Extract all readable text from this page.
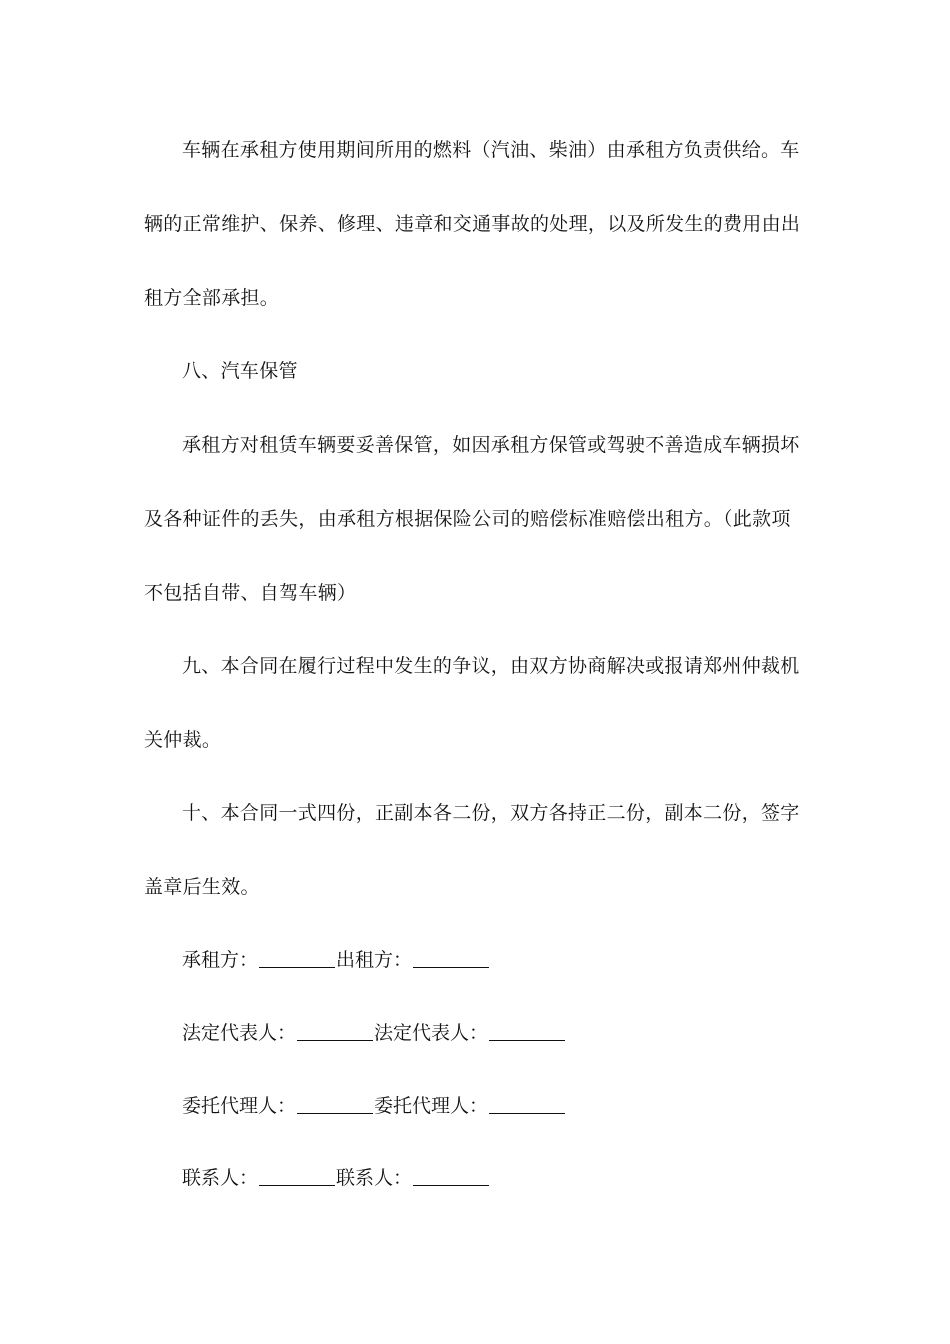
车辆在承租方使用期间所用的燃料（汽油、柴油）由承租方负责供给。车
辆的正常维护、保养、修理、违章和交通事故的处理，以及所发生的费用由出
租方全部承担。
八、汽车保管
承租方对租赁车辆要妥善保管，如因承租方保管或驾驶不善造成车辆损坏
及各种证件的丢失，由承租方根据保险公司的赔偿标准赔偿出租方。（此款项
不包括自带、自驾车辆）
九、本合同在履行过程中发生的争议，由双方协商解决或报请郑州仲裁机
关仲裁。
十、本合同一式四份，正副本各二份，双方各持正二份，副本二份，签字
盖章后生效。
承租方：	出租方：
法定代表人：	法定代表人：
委托代理人：	委托代理人：
联系人：	联系人：
